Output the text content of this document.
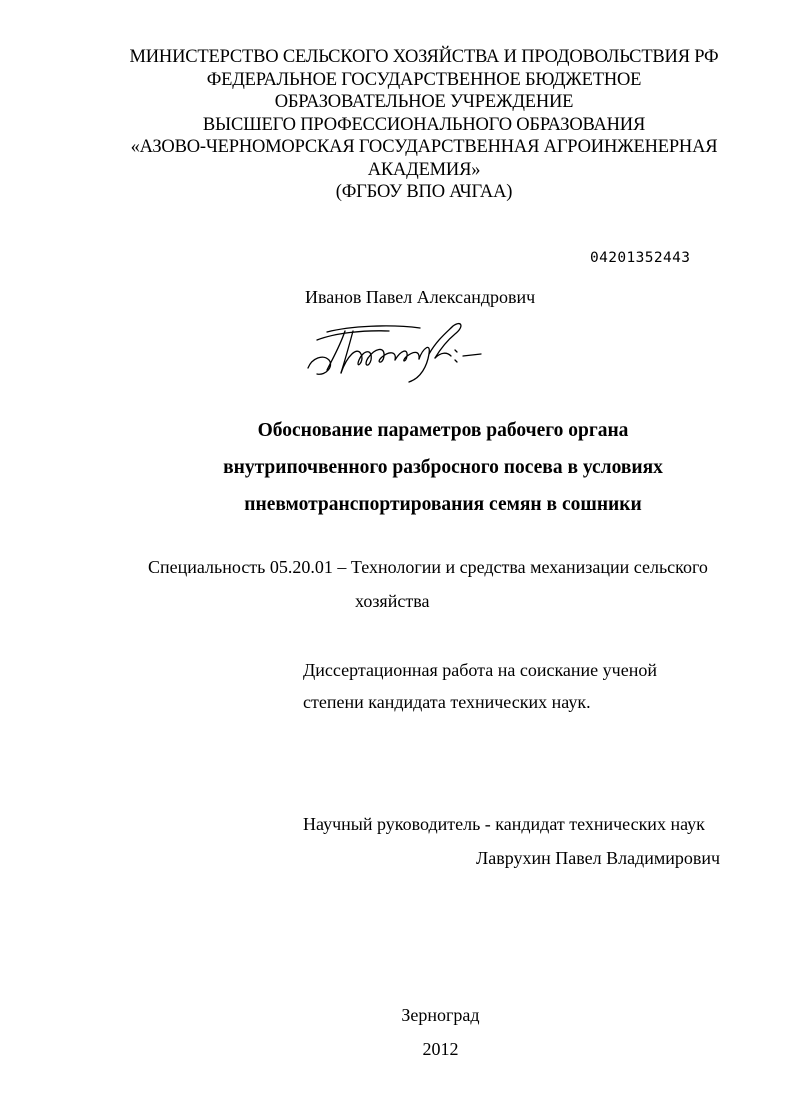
МИНИСТЕРСТВО СЕЛЬСКОГО ХОЗЯЙСТВА И ПРОДОВОЛЬСТВИЯ РФ
ФЕДЕРАЛЬНОЕ ГОСУДАРСТВЕННОЕ БЮДЖЕТНОЕ
ОБРАЗОВАТЕЛЬНОЕ УЧРЕЖДЕНИЕ
ВЫСШЕГО ПРОФЕССИОНАЛЬНОГО ОБРАЗОВАНИЯ
«АЗОВО-ЧЕРНОМОРСКАЯ ГОСУДАРСТВЕННАЯ АГРОИНЖЕНЕРНАЯ
АКАДЕМИЯ»
(ФГБОУ ВПО АЧГАА)
04201352443
Иванов Павел Александрович
Обоснование параметров рабочего органа
внутрипочвенного разбросного посева в условиях
пневмотранспортирования семян в сошники
Специальность 05.20.01 – Технологии и средства механизации сельского
хозяйства
Диссертационная работа на соискание ученой
степени кандидата технических наук.
Научный руководитель - кандидат технических наук
Лаврухин Павел Владимирович
Зерноград
2012
